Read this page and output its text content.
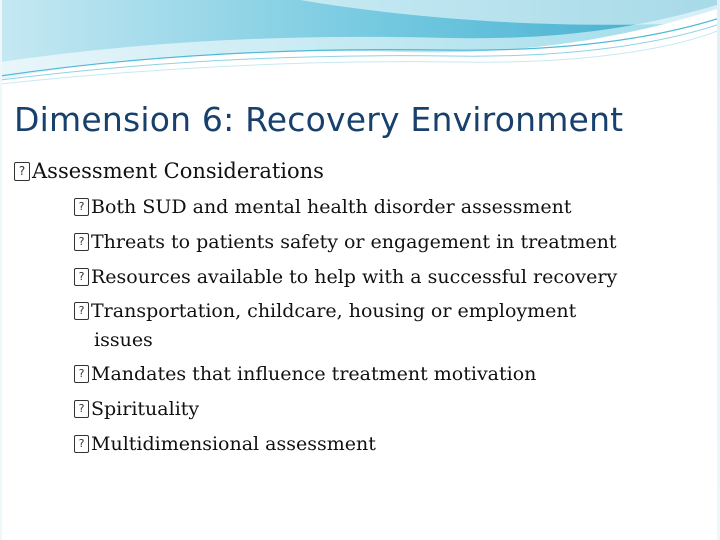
Dimension 6: Recovery Environment
?Assessment Considerations
?Both SUD and mental health disorder assessment
?Threats to patients safety or engagement in treatment
?Resources available to help with a successful recovery
?Transportation, childcare, housing or employment
issues
?Mandates that influence treatment motivation
?Spirituality
?Multidimensional assessment
